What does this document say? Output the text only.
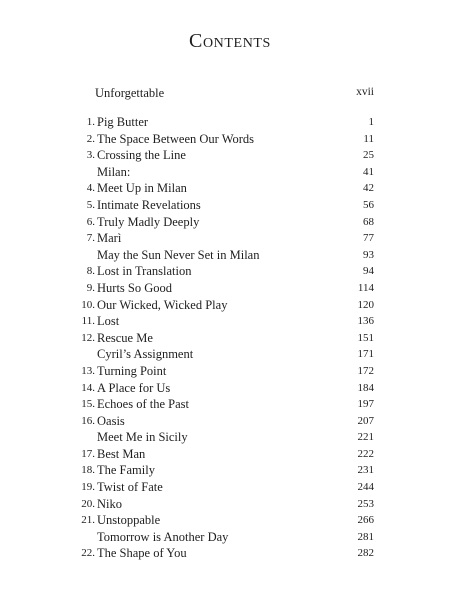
Contents
Unforgettable	xvii
1. Pig Butter	1
2. The Space Between Our Words	11
3. Crossing the Line	25
Milan:	41
4. Meet Up in Milan	42
5. Intimate Revelations	56
6. Truly Madly Deeply	68
7. Marì	77
May the Sun Never Set in Milan	93
8. Lost in Translation	94
9. Hurts So Good	114
10. Our Wicked, Wicked Play	120
11. Lost	136
12. Rescue Me	151
Cyril’s Assignment	171
13. Turning Point	172
14. A Place for Us	184
15. Echoes of the Past	197
16. Oasis	207
Meet Me in Sicily	221
17. Best Man	222
18. The Family	231
19. Twist of Fate	244
20. Niko	253
21. Unstoppable	266
Tomorrow is Another Day	281
22. The Shape of You	282
